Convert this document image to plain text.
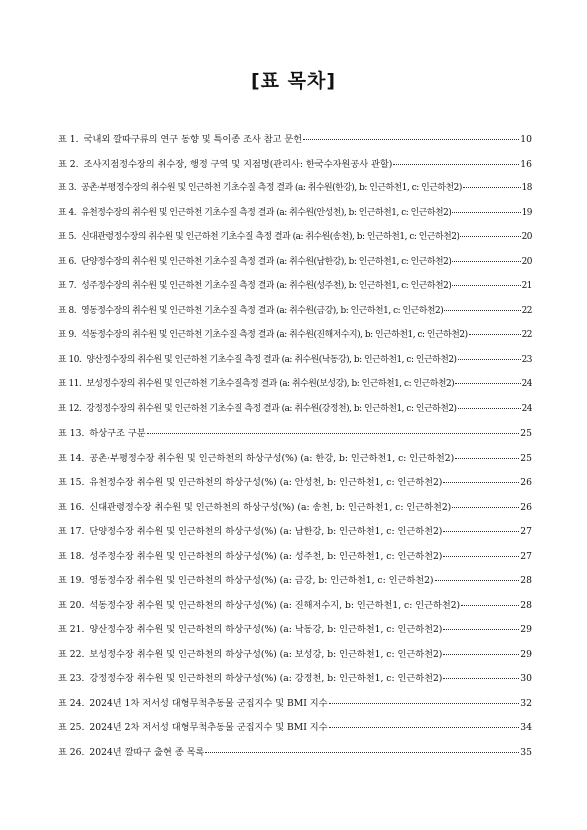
[표 목차]
표 1. 국내외 깔따구류의 연구 동향 및 특이종 조사 참고 문헌	10
표 2. 조사지점정수장의 취수장, 행정 구역 및 지점명(관리사: 한국수자원공사 관할)	16
표 3. 공촌·부평정수장의 취수원 및 인근하천 기초수질 측정 결과 (a: 취수원(한강), b: 인근하천1, c: 인근하천2)	18
표 4. 유천정수장의 취수원 및 인근하천 기초수질 측정 결과 (a: 취수원(안성천), b: 인근하천1, c: 인근하천2)	19
표 5. 신대관령정수장의 취수원 및 인근하천 기초수질 측정 결과 (a: 취수원(송천), b: 인근하천1, c: 인근하천2)	20
표 6. 단양정수장의 취수원 및 인근하천 기초수질 측정 결과 (a: 취수원(남한강), b: 인근하천1, c: 인근하천2)	20
표 7. 성주정수장의 취수원 및 인근하천 기초수질 측정 결과 (a: 취수원(성주천), b: 인근하천1, c: 인근하천2)	21
표 8. 영동정수장의 취수원 및 인근하천 기초수질 측정 결과 (a: 취수원(금강), b: 인근하천1, c: 인근하천2)	22
표 9. 석동정수장의 취수원 및 인근하천 기초수질 측정 결과 (a: 취수원(진해저수지), b: 인근하천1, c: 인근하천2)	22
표 10. 양산정수장의 취수원 및 인근하천 기초수질 측정 결과 (a: 취수원(낙동강), b: 인근하천1, c: 인근하천2)	23
표 11. 보성정수장의 취수원 및 인근하천 기초수질측정 결과 (a: 취수원(보성강), b: 인근하천1, c: 인근하천2)	24
표 12. 강정정수장의 취수원 및 인근하천 기초수질 측정 결과 (a: 취수원(강정천), b: 인근하천1, c: 인근하천2)	24
표 13. 하상구조 구분	25
표 14. 공촌·부평정수장 취수원 및 인근하천의 하상구성(%) (a: 한강, b: 인근하천1, c: 인근하천2)	25
표 15. 유천정수장 취수원 및 인근하천의 하상구성(%) (a: 안성천, b: 인근하천1, c: 인근하천2)	26
표 16. 신대관령정수장 취수원 및 인근하천의 하상구성(%) (a: 송천, b: 인근하천1, c: 인근하천2)	26
표 17. 단양정수장 취수원 및 인근하천의 하상구성(%) (a: 남한강, b: 인근하천1, c: 인근하천2)	27
표 18. 성주정수장 취수원 및 인근하천의 하상구성(%) (a: 성주천, b: 인근하천1, c: 인근하천2)	27
표 19. 영동정수장 취수원 및 인근하천의 하상구성(%) (a: 금강, b: 인근하천1, c: 인근하천2)	28
표 20. 석동정수장 취수원 및 인근하천의 하상구성(%) (a: 진해저수지, b: 인근하천1, c: 인근하천2)	28
표 21. 양산정수장 취수원 및 인근하천의 하상구성(%) (a: 낙동강, b: 인근하천1, c: 인근하천2)	29
표 22. 보성정수장 취수원 및 인근하천의 하상구성(%) (a: 보성강, b: 인근하천1, c: 인근하천2)	29
표 23. 강정정수장 취수원 및 인근하천의 하상구성(%) (a: 강정천, b: 인근하천1, c: 인근하천2)	30
표 24. 2024년 1차 저서성 대형무척추동물 군집지수 및 BMI 지수	32
표 25. 2024년 2차 저서성 대형무척추동물 군집지수 및 BMI 지수	34
표 26. 2024년 깔따구 출현 종 목록	35
